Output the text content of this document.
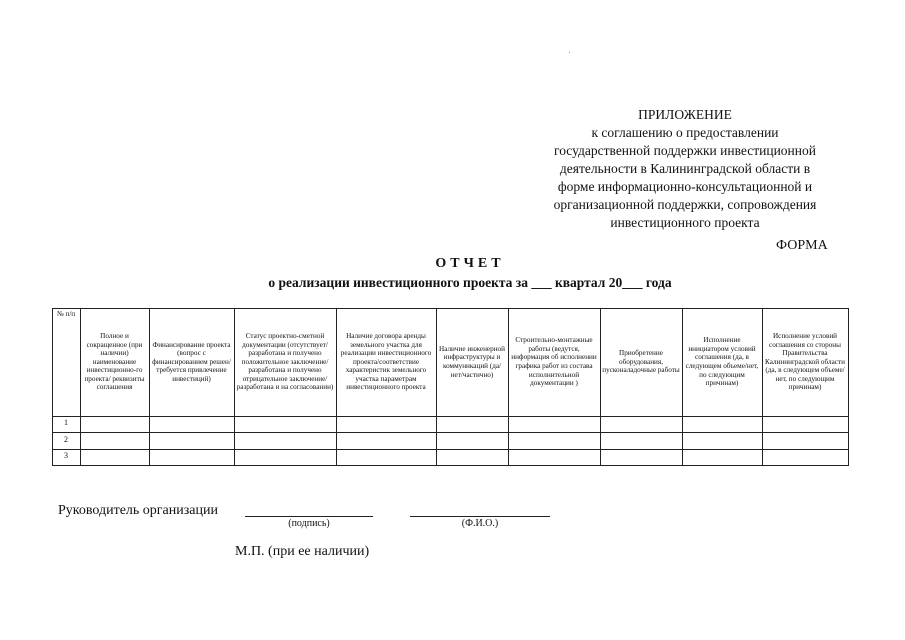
ПРИЛОЖЕНИЕ
к соглашению о предоставлении
государственной поддержки инвестиционной
деятельности в Калининградской области в
форме информационно-консультационной и
организационной поддержки, сопровождения
инвестиционного проекта
ФОРМА
ОТЧЕТ
о реализации инвестиционного проекта за ___ квартал 20___ года
№ п/п
Полное и сокращенное (при наличии) наименование инвестиционно-го проекта/ реквизиты соглашения
Финансирование проекта (вопрос с финансированием решен/требуется привлечение инвестиций)
Статус проектно-сметной документации (отсутствует/разработана и получено положительное заключение/разработана и получено отрицательное заключение/разработана и на согласовании)
Наличие договора аренды земельного участка для реализации инвестиционного проекта/соответствие характеристик земельного участка параметрам инвестиционного проекта
Наличие инженерной инфраструктуры и коммуникаций (да/нет/частично)
Строительно-монтажные работы (ведутся, информация об исполнении графика работ из состава исполнительной документации )
Приобретение оборудования, пусконаладочные работы
Исполнение инициатором условий соглашения (да, в следующем объеме/нет, по следующим причинам)
Исполнение условий соглашения со стороны Правительства Калининградской области (да, в следующем объеме/ нет, по следующим причинам)
1
2
3
Руководитель организации
(подпись)	(Ф.И.О.)
М.П. (при ее наличии)
